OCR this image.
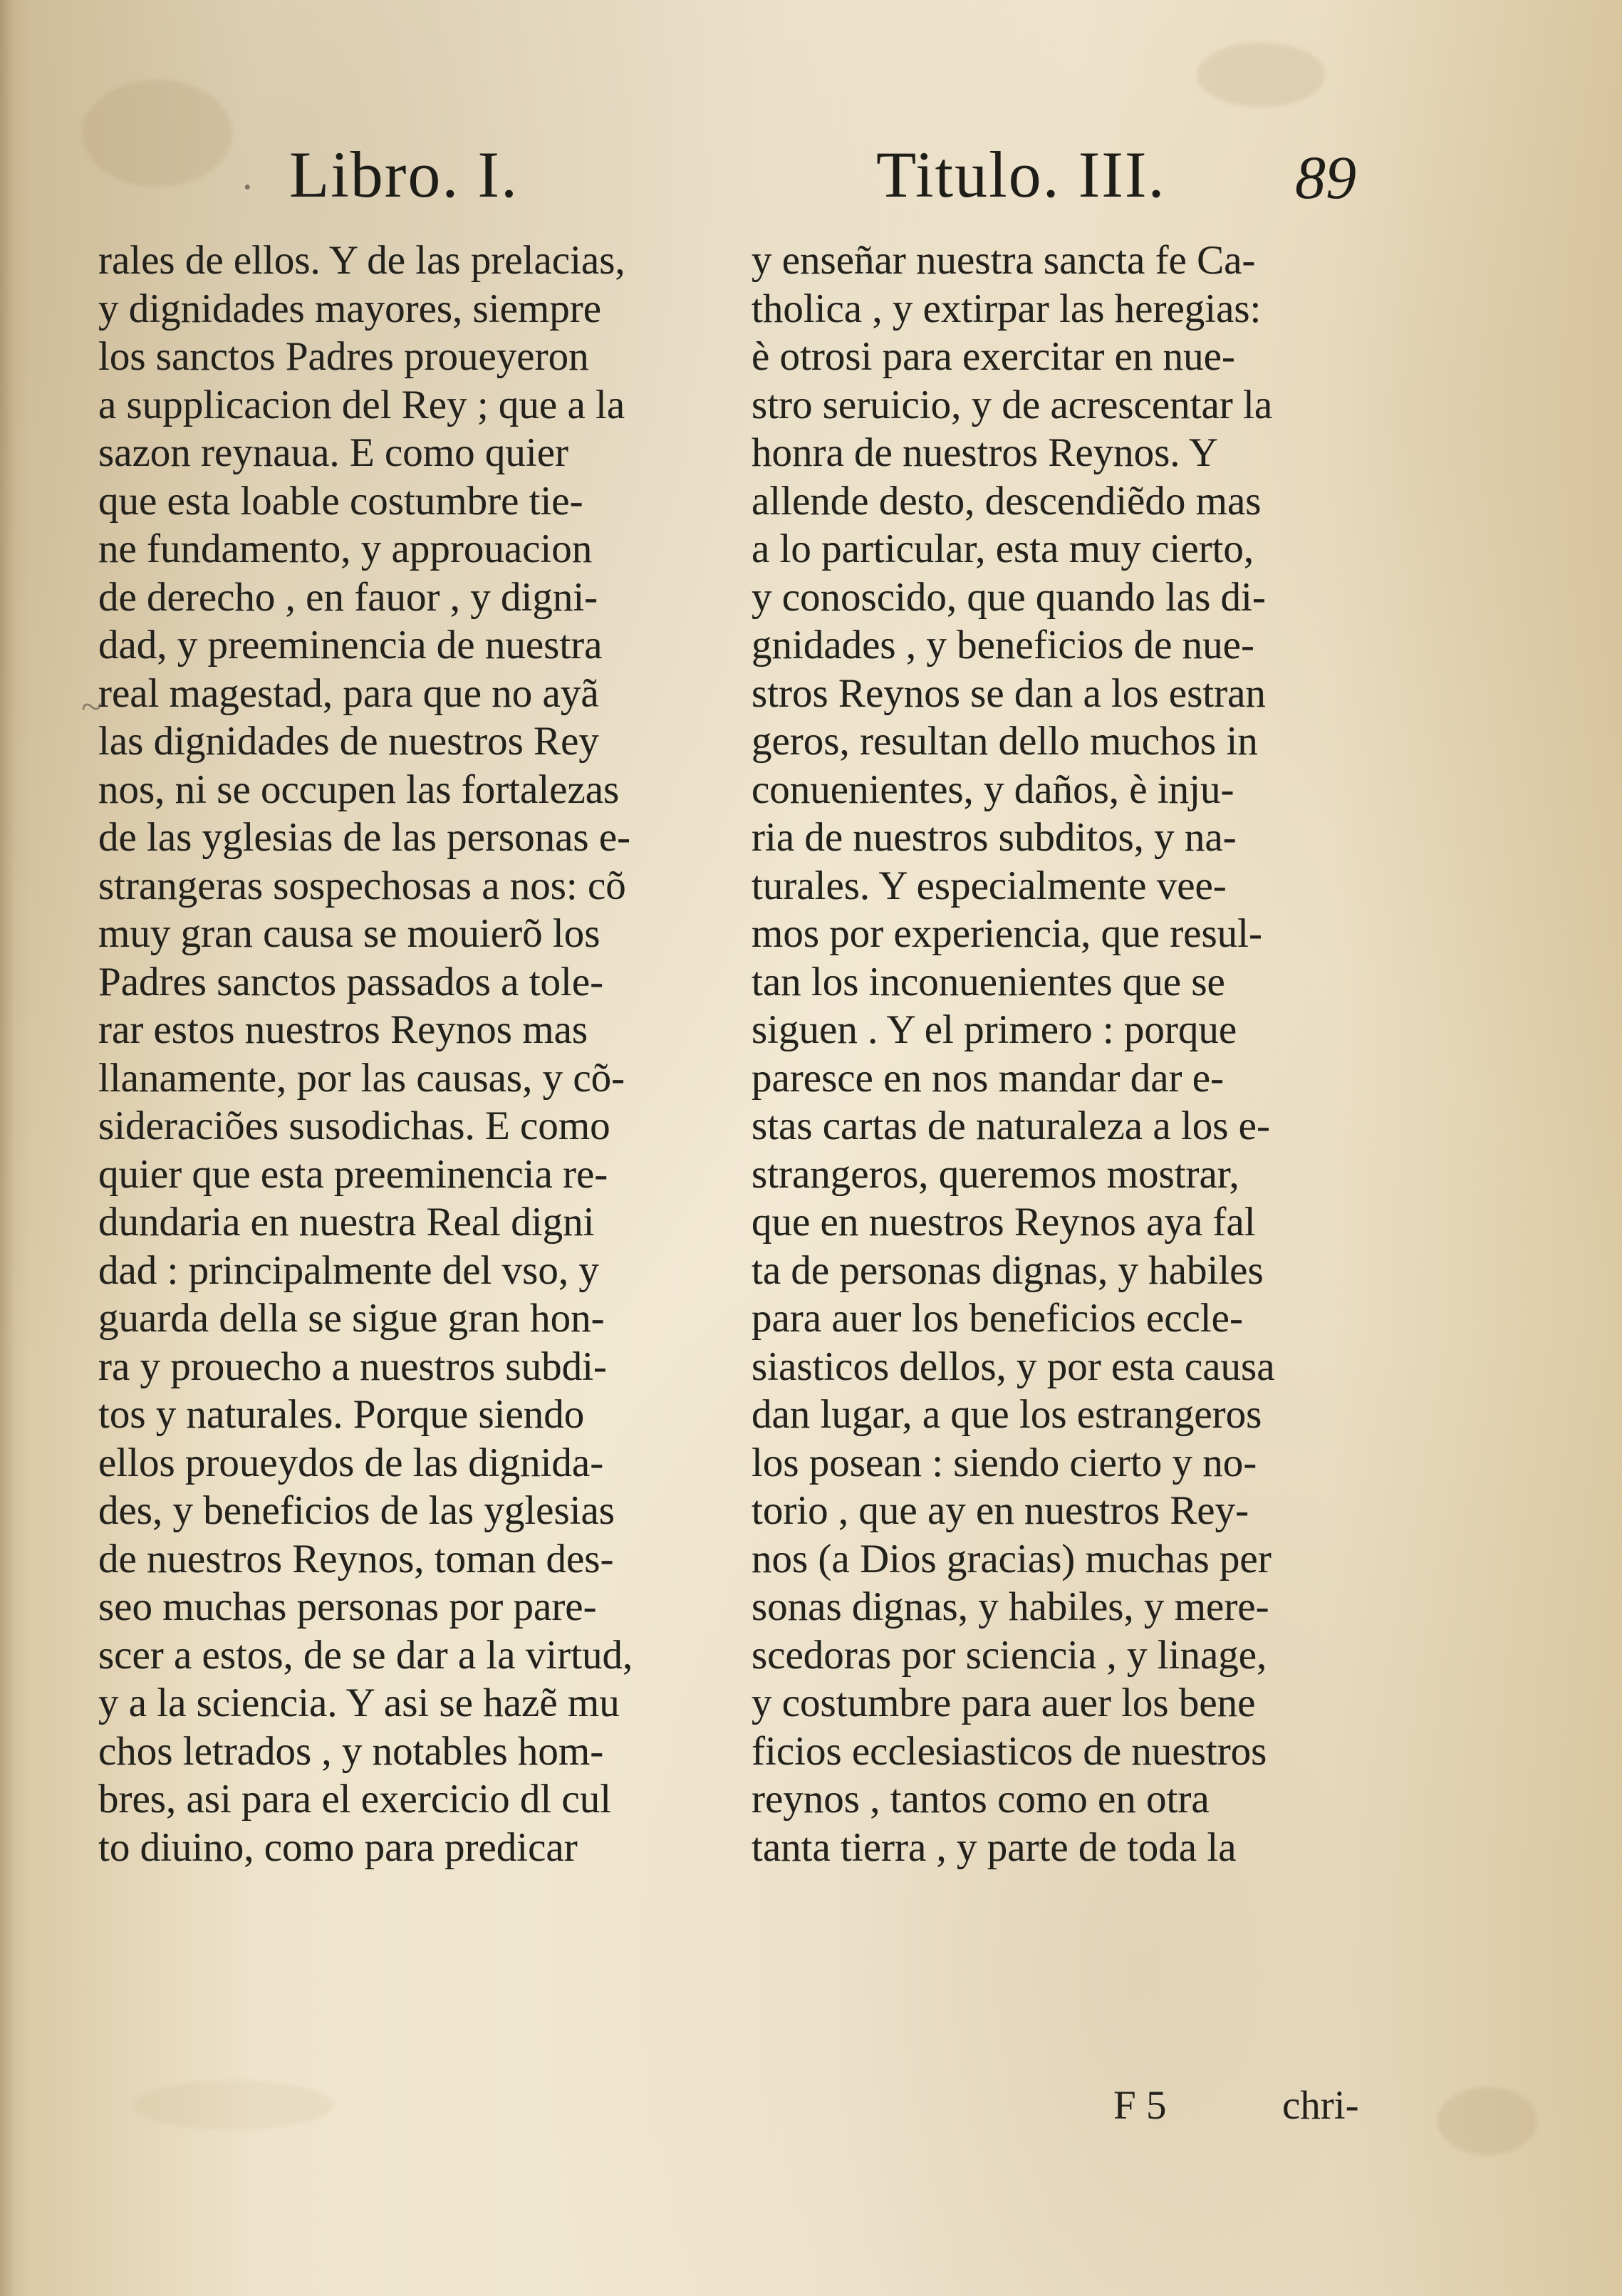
. Libro. I.	Titulo. III. 89
~
rales de ellos. Y de las prelacias,
y dignidades mayores, siempre
los sanctos Padres proueyeron
a supplicacion del Rey ; que a la
sazon reynaua. E como quier
que esta loable costumbre tie-
ne fundamento, y approuacion
de derecho , en fauor , y digni-
dad, y preeminencia de nuestra
real magestad, para que no ayã
las dignidades de nuestros Rey
nos, ni se occupen las fortalezas
de las yglesias de las personas e-
strangeras sospechosas a nos: cõ
muy gran causa se mouierõ los
Padres sanctos passados a tole-
rar estos nuestros Reynos mas
llanamente, por las causas, y cõ-
sideraciões susodichas. E como
quier que esta preeminencia re-
dundaria en nuestra Real digni
dad : principalmente del vso, y
guarda della se sigue gran hon-
ra y prouecho a nuestros subdi-
tos y naturales. Porque siendo
ellos proueydos de las dignida-
des, y beneficios de las yglesias
de nuestros Reynos, toman des-
seo muchas personas por pare-
scer a estos, de se dar a la virtud,
y a la sciencia. Y asi se hazẽ mu
chos letrados , y notables hom-
bres, asi para el exercicio dl cul
to diuino, como para predicar
y enseñar nuestra sancta fe Ca-
tholica , y extirpar las heregias:
è otrosi para exercitar en nue-
stro seruicio, y de acrescentar la
honra de nuestros Reynos. Y
allende desto, descendiẽdo mas
a lo particular, esta muy cierto,
y conoscido, que quando las di-
gnidades , y beneficios de nue-
stros Reynos se dan a los estran
geros, resultan dello muchos in
conuenientes, y daños, è inju-
ria de nuestros subditos, y na-
turales. Y especialmente vee-
mos por experiencia, que resul-
tan los inconuenientes que se
siguen . Y el primero : porque
paresce en nos mandar dar e-
stas cartas de naturaleza a los e-
strangeros, queremos mostrar,
que en nuestros Reynos aya fal
ta de personas dignas, y habiles
para auer los beneficios eccle-
siasticos dellos, y por esta causa
dan lugar, a que los estrangeros
los posean : siendo cierto y no-
torio , que ay en nuestros Rey-
nos (a Dios gracias) muchas per
sonas dignas, y habiles, y mere-
scedoras por sciencia , y linage,
y costumbre para auer los bene
ficios ecclesiasticos de nuestros
reynos , tantos como en otra
tanta tierra , y parte de toda la
F 5	chri-
